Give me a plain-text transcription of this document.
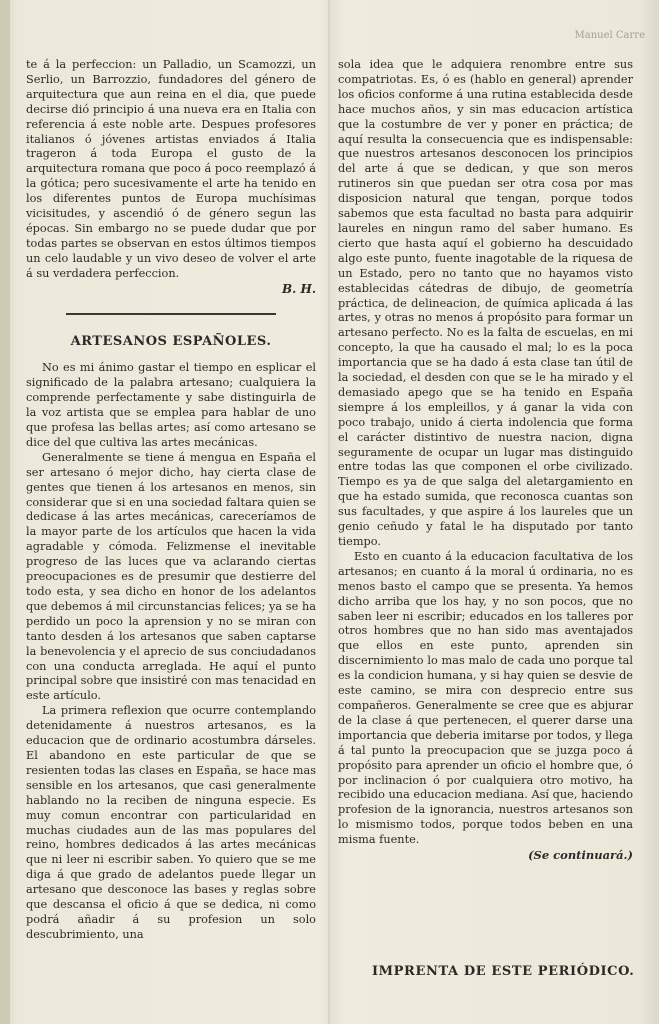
Manuel Carre

te á la perfeccion: un Palladio, un Scamozzi, un Serlio, un Barrozzio, fundadores del género de arquitectura que aun reina en el dia, que puede decirse dió principio á una nueva era en Italia con referencia á este noble arte. Despues profesores italianos ó jóvenes artistas enviados á Italia trageron á toda Europa el gusto de la arquitectura romana que poco á poco reemplazó á la gótica; pero sucesivamente el arte ha tenido en los diferentes puntos de Europa muchísimas vicisitudes, y ascendió ó de género segun las épocas. Sin embargo no se puede dudar que por todas partes se observan en estos últimos tiempos un celo laudable y un vivo deseo de volver el arte á su verdadera perfeccion.

B. H.

ARTESANOS ESPAÑOLES.

No es mi ánimo gastar el tiempo en esplicar el significado de la palabra artesano; cualquiera la comprende perfectamente y sabe distinguirla de la voz artista que se emplea para hablar de uno que profesa las bellas artes; así como artesano se dice del que cultiva las artes mecánicas.

Generalmente se tiene á mengua en España el ser artesano ó mejor dicho, hay cierta clase de gentes que tienen á los artesanos en menos, sin considerar que si en una sociedad faltara quien se dedicase á las artes mecánicas, careceríamos de la mayor parte de los artículos que hacen la vida agradable y cómoda. Felizmense el inevitable progreso de las luces que va aclarando ciertas preocupaciones es de presumir que destierre del todo esta, y sea dicho en honor de los adelantos que debemos á mil circunstancias felices; ya se ha perdido un poco la aprension y no se miran con tanto desden á los artesanos que saben captarse la benevolencia y el aprecio de sus conciudadanos con una conducta arreglada. He aquí el punto principal sobre que insistiré con mas tenacidad en este artículo.

La primera reflexion que ocurre contemplando detenidamente á nuestros artesanos, es la educacion que de ordinario acostumbra dárseles. El abandono en este particular de que se resienten todas las clases en España, se hace mas sensible en los artesanos, que casi generalmente hablando no la reciben de ninguna especie. Es muy comun encontrar con particularidad en muchas ciudades aun de las mas populares del reino, hombres dedicados á las artes mecánicas que ni leer ni escribir saben. Yo quiero que se me diga á que grado de adelantos puede llegar un artesano que desconoce las bases y reglas sobre que descansa el oficio á que se dedica, ni como podrá añadir á su profesion un solo descubrimiento, una

sola idea que le adquiera renombre entre sus compatriotas. Es, ó es (hablo en general) aprender los oficios conforme á una rutina establecida desde hace muchos años, y sin mas educacion artística que la costumbre de ver y poner en práctica; de aquí resulta la consecuencia que es indispensable: que nuestros artesanos desconocen los principios del arte á que se dedican, y que son meros rutineros sin que puedan ser otra cosa por mas disposicion natural que tengan, porque todos sabemos que esta facultad no basta para adquirir laureles en ningun ramo del saber humano. Es cierto que hasta aquí el gobierno ha descuidado algo este punto, fuente inagotable de la riquesa de un Estado, pero no tanto que no hayamos visto establecidas cátedras de dibujo, de geometría práctica, de delineacion, de química aplicada á las artes, y otras no menos á propósito para formar un artesano perfecto. No es la falta de escuelas, en mi concepto, la que ha causado el mal; lo es la poca importancia que se ha dado á esta clase tan útil de la sociedad, el desden con que se le ha mirado y el demasiado apego que se ha tenido en España siempre á los empleillos, y á ganar la vida con poco trabajo, unido á cierta indolencia que forma el carácter distintivo de nuestra nacion, digna seguramente de ocupar un lugar mas distinguido entre todas las que componen el orbe civilizado. Tiempo es ya de que salga del aletargamiento en que ha estado sumida, que reconosca cuantas son sus facultades, y que aspire á los laureles que un genio ceñudo y fatal le ha disputado por tanto tiempo.

Esto en cuanto á la educacion facultativa de los artesanos; en cuanto á la moral ú ordinaria, no es menos basto el campo que se presenta. Ya hemos dicho arriba que los hay, y no son pocos, que no saben leer ni escribir; educados en los talleres por otros hombres que no han sido mas aventajados que ellos en este punto, aprenden sin discernimiento lo mas malo de cada uno porque tal es la condicion humana, y si hay quien se desvie de este camino, se mira con desprecio entre sus compañeros. Generalmente se cree que es abjurar de la clase á que pertenecen, el querer darse una importancia que deberia imitarse por todos, y llega á tal punto la preocupacion que se juzga poco á propósito para aprender un oficio el hombre que, ó por inclinacion ó por cualquiera otro motivo, ha recibido una educacion mediana. Así que, haciendo profesion de la ignorancia, nuestros artesanos son lo mismismo todos, porque todos beben en una misma fuente.

(Se continuará.)

IMPRENTA DE ESTE PERIÓDICO.
